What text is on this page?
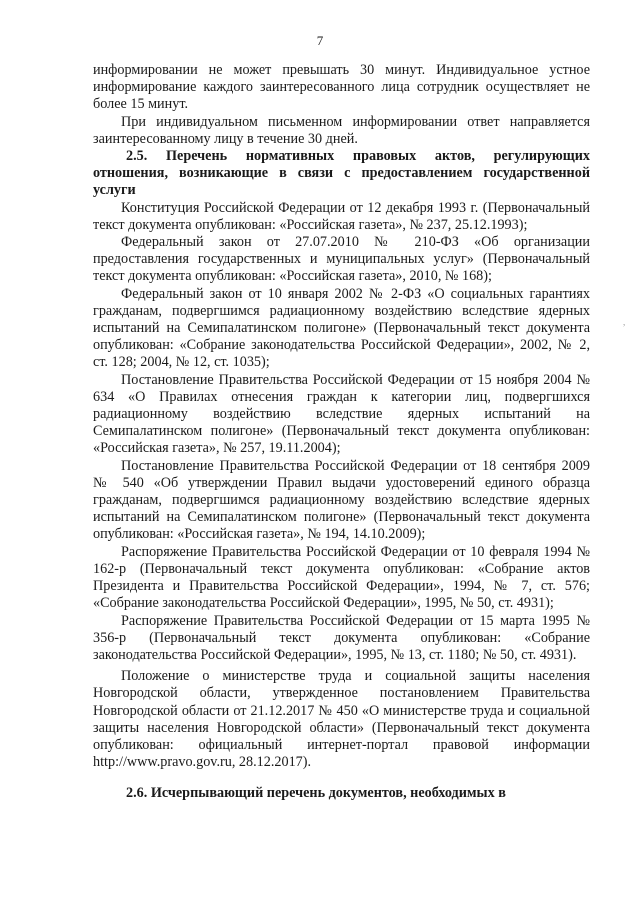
7
,

информировании не может превышать 30 минут. Индивидуальное устное информирование каждого заинтересованного лица сотрудник осуществляет не более 15 минут.

При индивидуальном письменном информировании ответ направляется заинтересованному лицу в течение 30 дней.

2.5. Перечень нормативных правовых актов, регулирующих отношения, возникающие в связи с предоставлением государственной услуги

Конституция Российской Федерации от 12 декабря 1993 г. (Первоначальный текст документа опубликован: «Российская газета», № 237, 25.12.1993);

Федеральный закон от 27.07.2010 № 210-ФЗ «Об организации предоставления государственных и муниципальных услуг» (Первоначальный текст документа опубликован: «Российская газета», 2010, № 168);

Федеральный закон от 10 января 2002 № 2-ФЗ «О социальных гарантиях гражданам, подвергшимся радиационному воздействию вследствие ядерных испытаний на Семипалатинском полигоне» (Первоначальный текст документа опубликован: «Собрание законодательства Российской Федерации», 2002, № 2, ст. 128; 2004, № 12, ст. 1035);

Постановление Правительства Российской Федерации от 15 ноября 2004 № 634 «О Правилах отнесения граждан к категории лиц, подвергшихся радиационному воздействию вследствие ядерных испытаний на Семипалатинском полигоне» (Первоначальный текст документа опубликован: «Российская газета», № 257, 19.11.2004);

Постановление Правительства Российской Федерации от 18 сентября 2009 № 540 «Об утверждении Правил выдачи удостоверений единого образца гражданам, подвергшимся радиационному воздействию вследствие ядерных испытаний на Семипалатинском полигоне» (Первоначальный текст документа опубликован: «Российская газета», № 194, 14.10.2009);

Распоряжение Правительства Российской Федерации от 10 февраля 1994 № 162-р (Первоначальный текст документа опубликован: «Собрание актов Президента и Правительства Российской Федерации», 1994, № 7, ст. 576; «Собрание законодательства Российской Федерации», 1995, № 50, ст. 4931);

Распоряжение Правительства Российской Федерации от 15 марта 1995 № 356-р (Первоначальный текст документа опубликован: «Собрание законодательства Российской Федерации», 1995, № 13, ст. 1180; № 50, ст. 4931).

Положение о министерстве труда и социальной защиты населения Новгородской области, утвержденное постановлением Правительства Новгородской области от 21.12.2017 № 450 «О министерстве труда и социальной защиты населения Новгородской области» (Первоначальный текст документа опубликован: официальный интернет-портал правовой информации http://www.pravo.gov.ru, 28.12.2017).

2.6. Исчерпывающий перечень документов, необходимых в
